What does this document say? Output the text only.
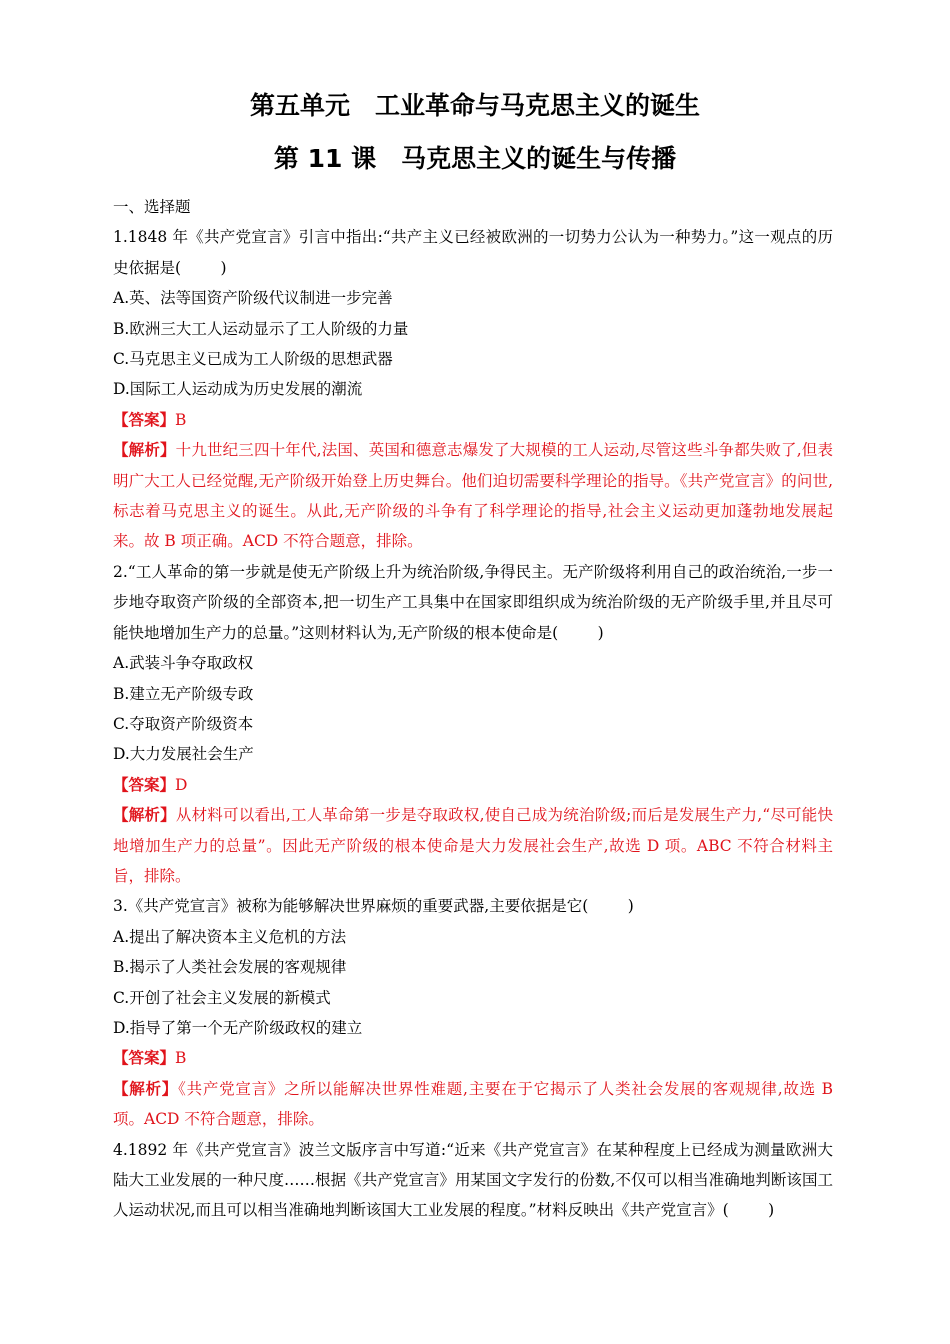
第五单元　工业革命与马克思主义的诞生
第 11 课　马克思主义的诞生与传播

一、选择题

1.1848 年《共产党宣言》引言中指出:“共产主义已经被欧洲的一切势力公认为一种势力。”这一观点的历史依据是(	)

A.英、法等国资产阶级代议制进一步完善

B.欧洲三大工人运动显示了工人阶级的力量

C.马克思主义已成为工人阶级的思想武器

D.国际工人运动成为历史发展的潮流

【答案】B

【解析】十九世纪三四十年代,法国、英国和德意志爆发了大规模的工人运动,尽管这些斗争都失败了,但表明广大工人已经觉醒,无产阶级开始登上历史舞台。他们迫切需要科学理论的指导。《共产党宣言》的问世,标志着马克思主义的诞生。从此,无产阶级的斗争有了科学理论的指导,社会主义运动更加蓬勃地发展起来。故 B 项正确。ACD 不符合题意，排除。

2.“工人革命的第一步就是使无产阶级上升为统治阶级,争得民主。无产阶级将利用自己的政治统治,一步一步地夺取资产阶级的全部资本,把一切生产工具集中在国家即组织成为统治阶级的无产阶级手里,并且尽可能快地增加生产力的总量。”这则材料认为,无产阶级的根本使命是(	)

A.武装斗争夺取政权

B.建立无产阶级专政

C.夺取资产阶级资本

D.大力发展社会生产

【答案】D

【解析】从材料可以看出,工人革命第一步是夺取政权,使自己成为统治阶级;而后是发展生产力,“尽可能快地增加生产力的总量”。因此无产阶级的根本使命是大力发展社会生产,故选 D 项。ABC 不符合材料主旨，排除。

3.《共产党宣言》被称为能够解决世界麻烦的重要武器,主要依据是它(	)

A.提出了解决资本主义危机的方法

B.揭示了人类社会发展的客观规律

C.开创了社会主义发展的新模式

D.指导了第一个无产阶级政权的建立

【答案】B

【解析】《共产党宣言》之所以能解决世界性难题,主要在于它揭示了人类社会发展的客观规律,故选 B 项。ACD 不符合题意，排除。

4.1892 年《共产党宣言》波兰文版序言中写道:“近来《共产党宣言》在某种程度上已经成为测量欧洲大陆大工业发展的一种尺度……根据《共产党宣言》用某国文字发行的份数,不仅可以相当准确地判断该国工人运动状况,而且可以相当准确地判断该国大工业发展的程度。”材料反映出《共产党宣言》(	)
